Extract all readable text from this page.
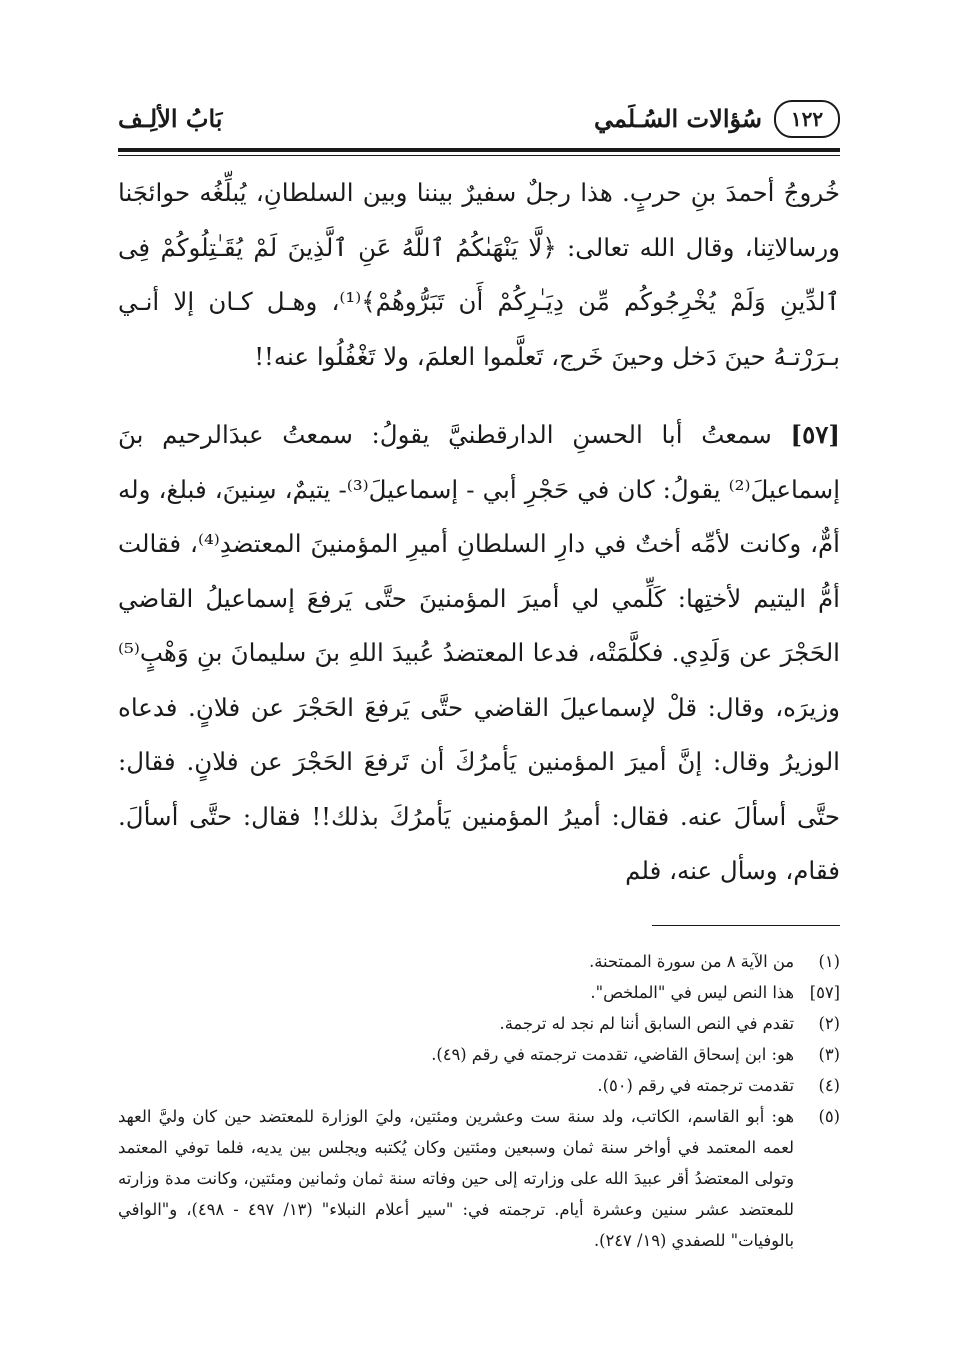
١٢٢
سُؤالات السُـلَمي
بَابُ الألِـف

خُروجُ أحمدَ بنِ حربٍ. هذا رجلٌ سفيرٌ بيننا وبين السلطانِ، يُبلِّغُه حوائجَنا ورسالاتِنا، وقال الله تعالى: ﴿لَّا يَنْهَىٰكُمُ ٱللَّهُ عَنِ ٱلَّذِينَ لَمْ يُقَـٰتِلُوكُمْ فِى ٱلدِّينِ وَلَمْ يُخْرِجُوكُم مِّن دِيَـٰرِكُمْ أَن تَبَرُّوهُمْ﴾⁽¹⁾، وهـل كـان إلا أنـي بـرَرْتـهُ حينَ دَخل وحينَ خَرج، تَعلَّموا العلمَ، ولا تَغْفُلُوا عنه!!

[٥٧] سمعتُ أبا الحسنِ الدارقطنيَّ يقولُ: سمعتُ عبدَالرحيم بنَ إسماعيلَ⁽²⁾ يقولُ: كان في حَجْرِ أبي - إسماعيلَ⁽³⁾- يتيمٌ، سِنينَ، فبلغ، وله أمٌّ، وكانت لأمِّه أختٌ في دارِ السلطانِ أميرِ المؤمنينَ المعتضدِ⁽⁴⁾، فقالت أمُّ اليتيم لأختِها: كَلِّمي لي أميرَ المؤمنينَ حتَّى يَرفعَ إسماعيلُ القاضي الحَجْرَ عن وَلَدِي. فكلَّمَتْه، فدعا المعتضدُ عُبيدَ اللهِ بنَ سليمانَ بنِ وَهْبٍ⁽⁵⁾ وزيرَه، وقال: قلْ لإسماعيلَ القاضي حتَّى يَرفعَ الحَجْرَ عن فلانٍ. فدعاه الوزيرُ وقال: إنَّ أميرَ المؤمنين يَأمرُكَ أن تَرفعَ الحَجْرَ عن فلانٍ. فقال: حتَّى أسألَ عنه. فقال: أميرُ المؤمنين يَأمرُكَ بذلك!! فقال: حتَّى أسألَ. فقام، وسأل عنه، فلم

(١)
من الآية ٨ من سورة الممتحنة.
[٥٧]
هذا النص ليس في "الملخص".
(٢)
تقدم في النص السابق أننا لم نجد له ترجمة.
(٣)
هو: ابن إسحاق القاضي، تقدمت ترجمته في رقم (٤٩).
(٤)
تقدمت ترجمته في رقم (٥٠).
(٥)
هو: أبو القاسم، الكاتب، ولد سنة ست وعشرين ومئتين، وليَ الوزارة للمعتضد حين كان وليَّ العهد لعمه المعتمد في أواخر سنة ثمان وسبعين ومئتين وكان يُكتبه ويجلس بين يديه، فلما توفي المعتمد وتولى المعتضدُ أقر عبيدَ الله على وزارته إلى حين وفاته سنة ثمان وثمانين ومئتين، وكانت مدة وزارته للمعتضد عشر سنين وعشرة أيام. ترجمته في: "سير أعلام النبلاء" (١٣/ ٤٩٧ - ٤٩٨)، و"الوافي بالوفيات" للصفدي (١٩/ ٢٤٧).
